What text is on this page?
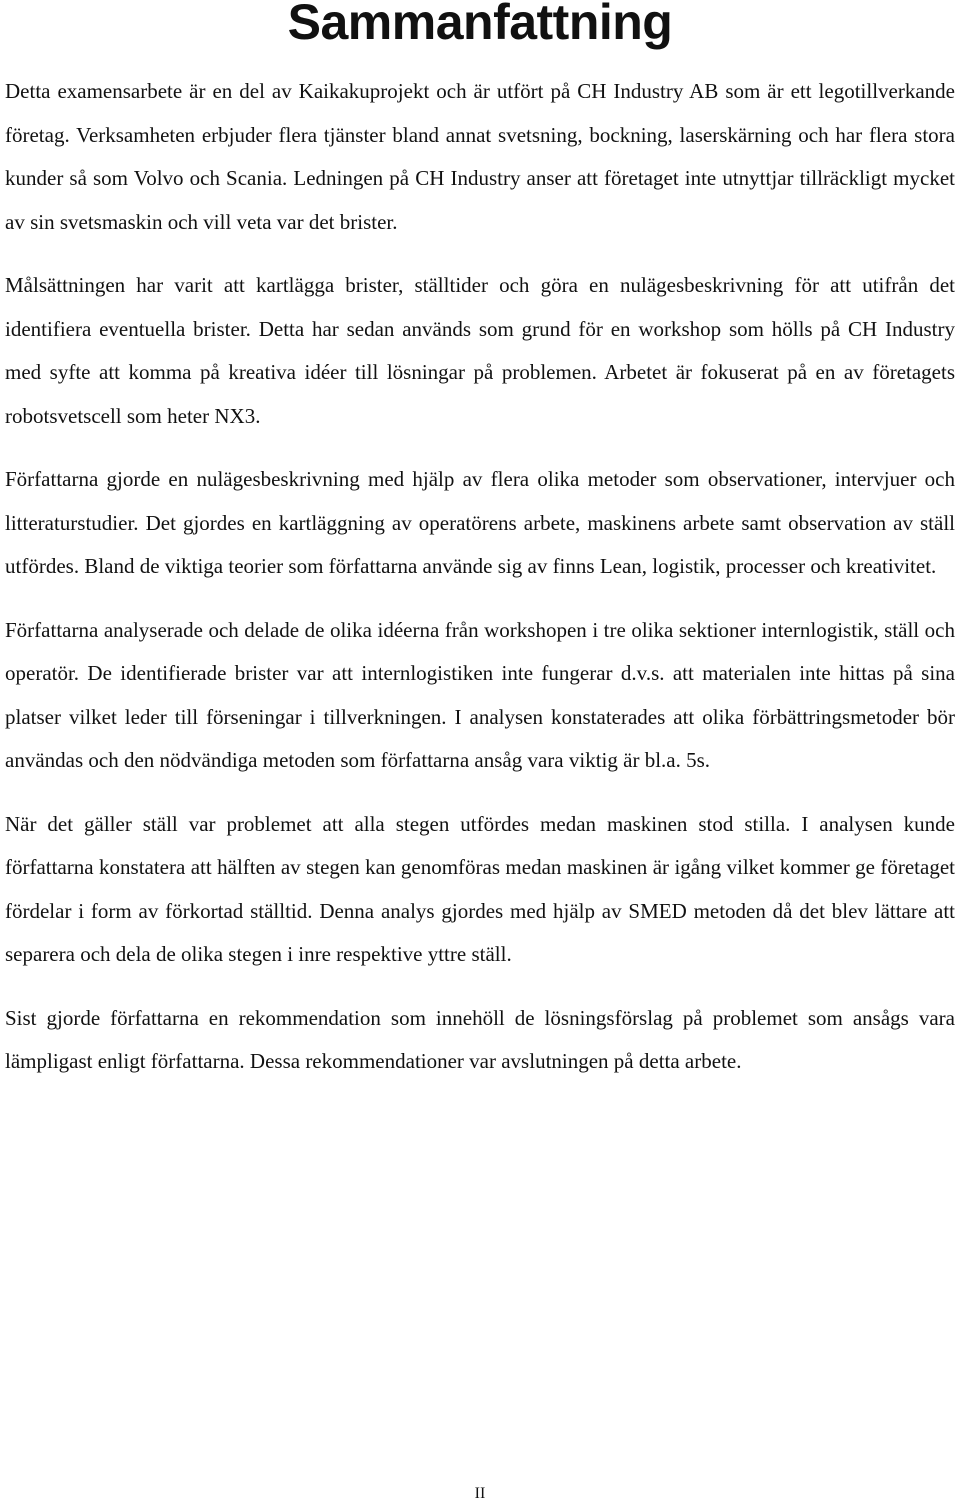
Sammanfattning

Detta examensarbete är en del av Kaikakuprojekt och är utfört på CH Industry AB som är ett legotillverkande företag. Verksamheten erbjuder flera tjänster bland annat svetsning, bockning, laserskärning och har flera stora kunder så som Volvo och Scania. Ledningen på CH Industry anser att företaget inte utnyttjar tillräckligt mycket av sin svetsmaskin och vill veta var det brister.

Målsättningen har varit att kartlägga brister, ställtider och göra en nulägesbeskrivning för att utifrån det identifiera eventuella brister. Detta har sedan används som grund för en workshop som hölls på CH Industry med syfte att komma på kreativa idéer till lösningar på problemen. Arbetet är fokuserat på en av företagets robotsvetscell som heter NX3.

Författarna gjorde en nulägesbeskrivning med hjälp av flera olika metoder som observationer, intervjuer och litteraturstudier. Det gjordes en kartläggning av operatörens arbete, maskinens arbete samt observation av ställ utfördes. Bland de viktiga teorier som författarna använde sig av finns Lean, logistik, processer och kreativitet.

Författarna analyserade och delade de olika idéerna från workshopen i tre olika sektioner internlogistik, ställ och operatör. De identifierade brister var att internlogistiken inte fungerar d.v.s. att materialen inte hittas på sina platser vilket leder till förseningar i tillverkningen. I analysen konstaterades att olika förbättringsmetoder bör användas och den nödvändiga metoden som författarna ansåg vara viktig är bl.a. 5s.

När det gäller ställ var problemet att alla stegen utfördes medan maskinen stod stilla. I analysen kunde författarna konstatera att hälften av stegen kan genomföras medan maskinen är igång vilket kommer ge företaget fördelar i form av förkortad ställtid. Denna analys gjordes med hjälp av SMED metoden då det blev lättare att separera och dela de olika stegen i inre respektive yttre ställ.

Sist gjorde författarna en rekommendation som innehöll de lösningsförslag på problemet som ansågs vara lämpligast enligt författarna. Dessa rekommendationer var avslutningen på detta arbete.

II
